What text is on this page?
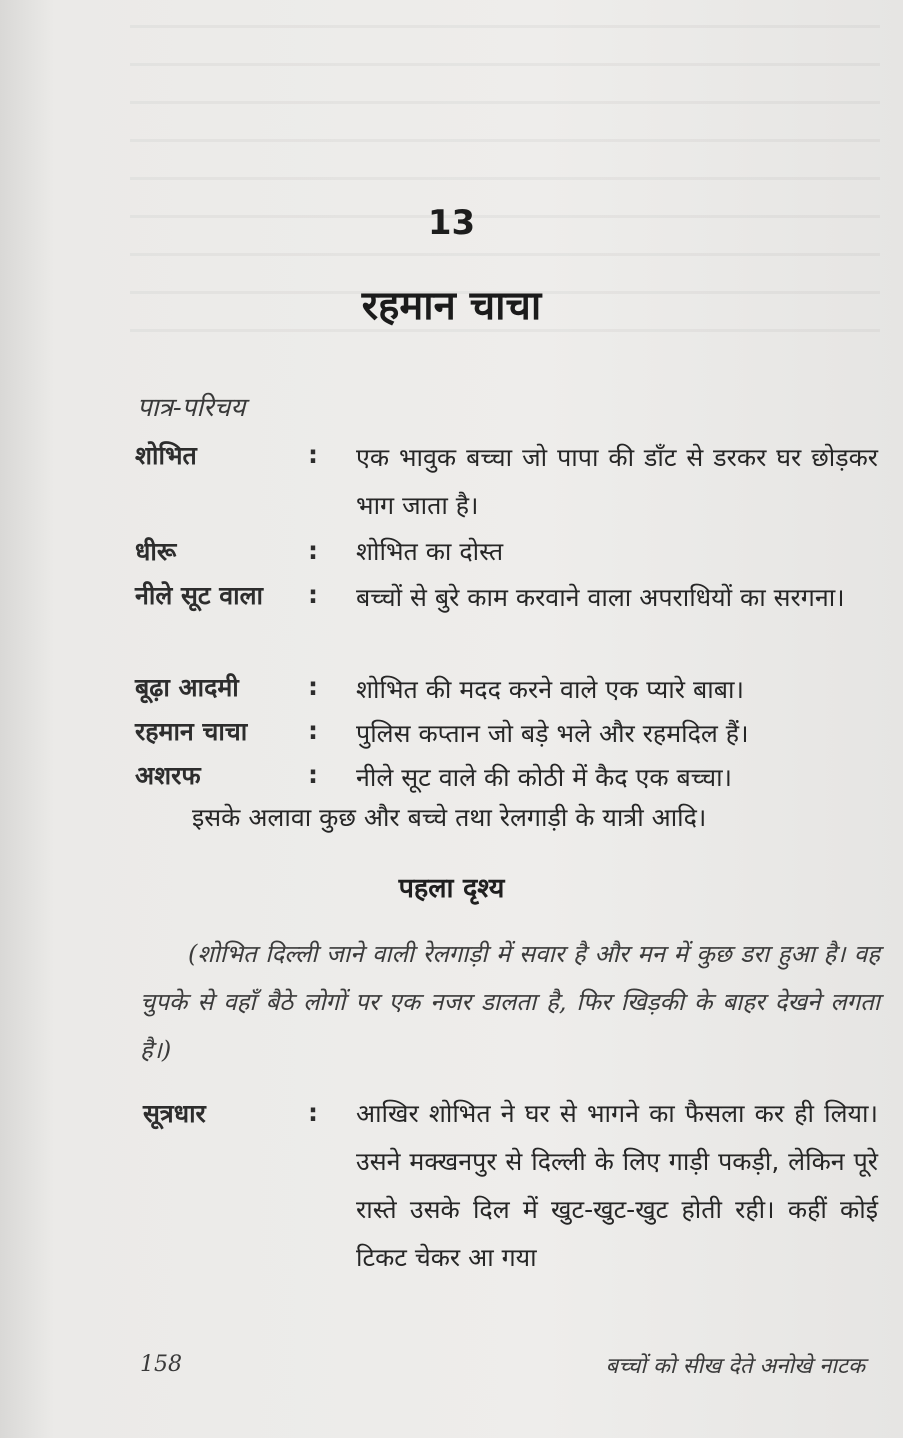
13
रहमान चाचा
पात्र-परिचय
शोभित	: एक भावुक बच्चा जो पापा की डाँट से डरकर घर छोड़कर भाग जाता है।
धीरू	: शोभित का दोस्त
नीले सूट वाला : बच्चों से बुरे काम करवाने वाला अपराधियों का सरगना।
बूढ़ा आदमी	: शोभित की मदद करने वाले एक प्यारे बाबा।
रहमान चाचा : पुलिस कप्तान जो बड़े भले और रहमदिल हैं।
अशरफ	: नीले सूट वाले की कोठी में कैद एक बच्चा।
इसके अलावा कुछ और बच्चे तथा रेलगाड़ी के यात्री आदि।
पहला दृश्य
(शोभित दिल्ली जाने वाली रेलगाड़ी में सवार है और मन में कुछ डरा हुआ है। वह चुपके से वहाँ बैठे लोगों पर एक नजर डालता है, फिर खिड़की के बाहर देखने लगता है।)
सूत्रधार	: आखिर शोभित ने घर से भागने का फैसला कर ही लिया। उसने मक्खनपुर से दिल्ली के लिए गाड़ी पकड़ी, लेकिन पूरे रास्ते उसके दिल में खुट-खुट-खुट होती रही। कहीं कोई टिकट चेकर आ गया
158	बच्चों को सीख देते अनोखे नाटक
